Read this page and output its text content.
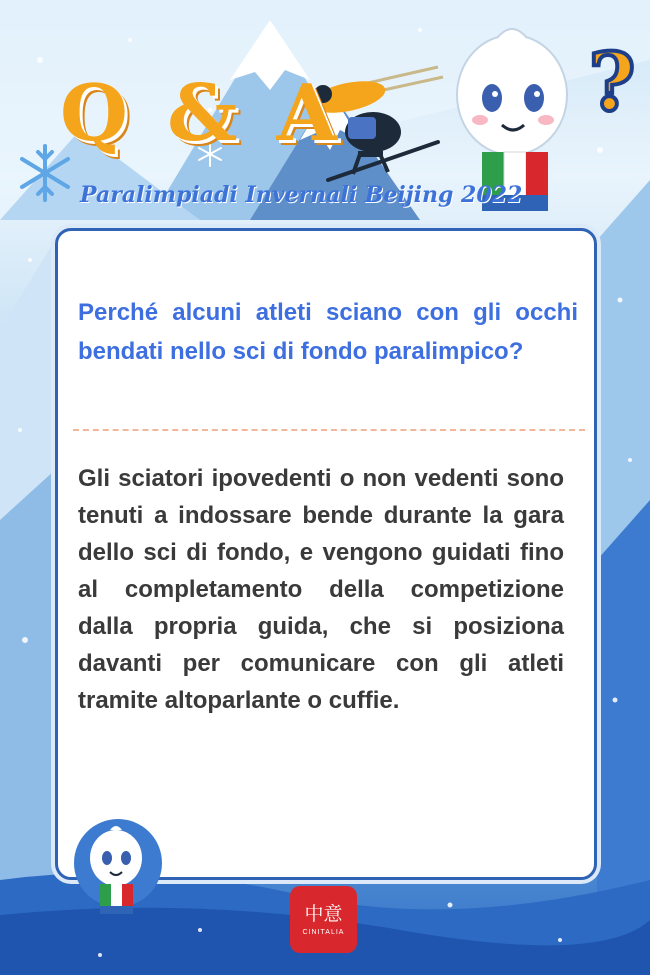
?
Q & A
Paralimpiadi Invernali Beijing 2022
Perché alcuni atleti sciano con gli occhi bendati nello sci di fondo paralimpico?
Gli sciatori ipovedenti o non vedenti sono tenuti a indossare bende durante la gara dello sci di fondo, e vengono guidati fino al completamento della competizione dalla propria guida, che si posiziona davanti per comunicare con gli atleti tramite altoparlante o cuffie.
中意
CINITALIA
